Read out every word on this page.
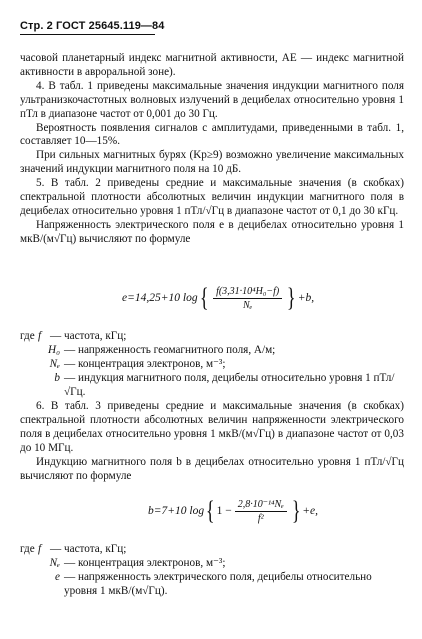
Стр. 2 ГОСТ 25645.119—84

часовой планетарный индекс магнитной активности, AE — индекс магнитной активности в авроральной зоне).

4. В табл. 1 приведены максимальные значения индукции магнитного поля ультранизкочастотных волновых излучений в децибелах относительно уровня 1 пТл в диапазоне частот от 0,001 до 30 Гц.

Вероятность появления сигналов с амплитудами, приведенными в табл. 1, составляет 10—15%.

При сильных магнитных бурях (Kp≥9) возможно увеличение максимальных значений индукции магнитного поля на 10 дБ.

5. В табл. 2 приведены средние и максимальные значения (в скобках) спектральной плотности абсолютных величин индукции магнитного поля в децибелах относительно уровня 1 пТл/√Гц в диапазоне частот от 0,1 до 30 кГц.

Напряженность электрического поля e в децибелах относительно уровня 1 мкВ/(м√Гц) вычисляют по формуле

e=14,25+10 log { $\frac{\text{f(3,31·10⁴H₀−f)}}{\text{Nₑ}}$ } +b,
где f — частота, кГц;
H₀ — напряженность геомагнитного поля, А/м;
Nₑ — концентрация электронов, м⁻³;
b — индукция магнитного поля, децибелы относительно уровня 1 пТл/√Гц.

6. В табл. 3 приведены средние и максимальные значения (в скобках) спектральной плотности абсолютных величин напряженности электрического поля в децибелах относительно уровня 1 мкВ/(м√Гц) в диапазоне частот от 0,03 до 10 МГц.

Индукцию магнитного поля b в децибелах относительно уровня 1 пТл/√Гц вычисляют по формуле

b=7+10 log { $1 - \frac{\text{2,8·10⁻¹⁴Nₑ}}{\text{f²}}$ } +e,
где f — частота, кГц;
Nₑ — концентрация электронов, м⁻³;
e — напряженность электрического поля, децибелы относительно уровня 1 мкВ/(м√Гц).
